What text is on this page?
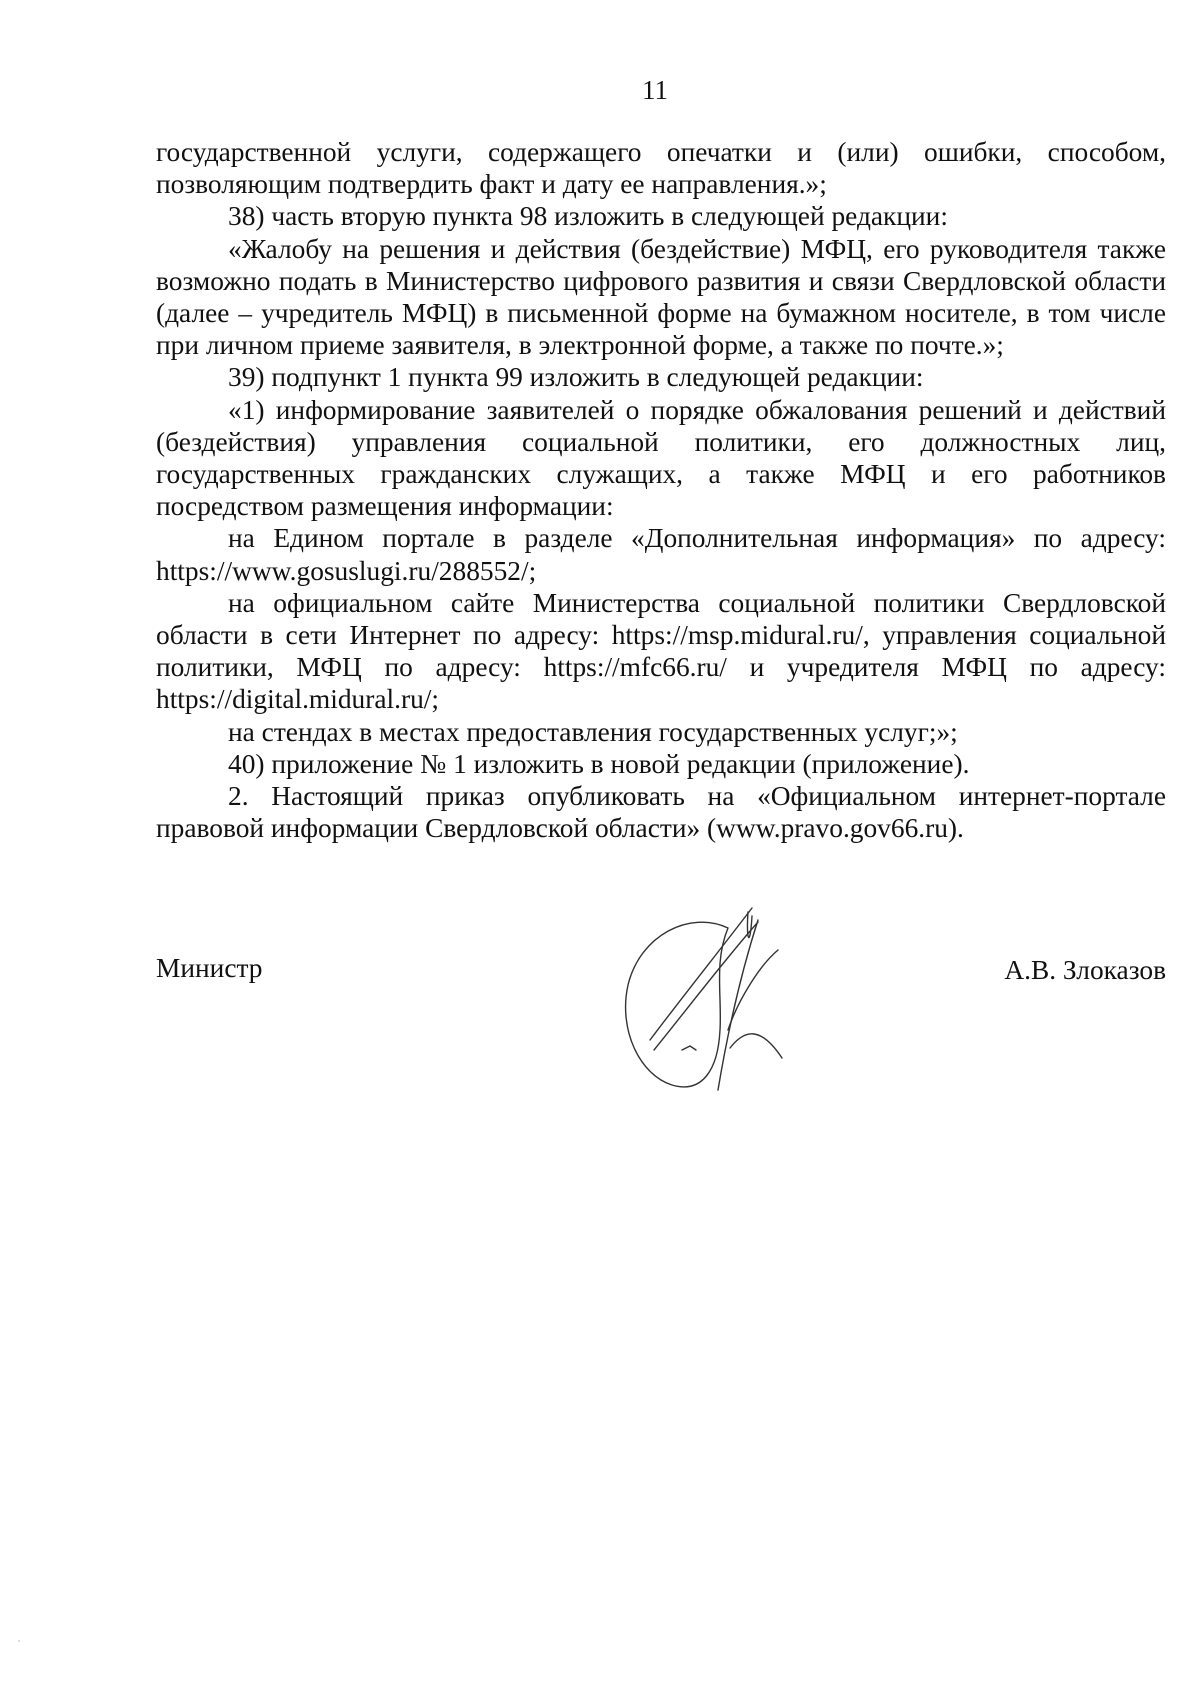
11

государственной услуги, содержащего опечатки и (или) ошибки, способом, позволяющим подтвердить факт и дату ее направления.»;

38) часть вторую пункта 98 изложить в следующей редакции:

«Жалобу на решения и действия (бездействие) МФЦ, его руководителя также возможно подать в Министерство цифрового развития и связи Свердловской области (далее – учредитель МФЦ) в письменной форме на бумажном носителе, в том числе при личном приеме заявителя, в электронной форме, а также по почте.»;

39) подпункт 1 пункта 99 изложить в следующей редакции:

«1) информирование заявителей о порядке обжалования решений и действий (бездействия) управления социальной политики, его должностных лиц, государственных гражданских служащих, а также МФЦ и его работников посредством размещения информации:

на Едином портале в разделе «Дополнительная информация» по адресу: https://www.gosuslugi.ru/288552/;

на официальном сайте Министерства социальной политики Свердловской области в сети Интернет по адресу: https://msp.midural.ru/, управления социальной политики, МФЦ по адресу: https://mfc66.ru/ и учредителя МФЦ по адресу: https://digital.midural.ru/;

на стендах в местах предоставления государственных услуг;»;

40) приложение № 1 изложить в новой редакции (приложение).

2. Настоящий приказ опубликовать на «Официальном интернет-портале правовой информации Свердловской области» (www.pravo.gov66.ru).

Министр	А.В. Злоказов
